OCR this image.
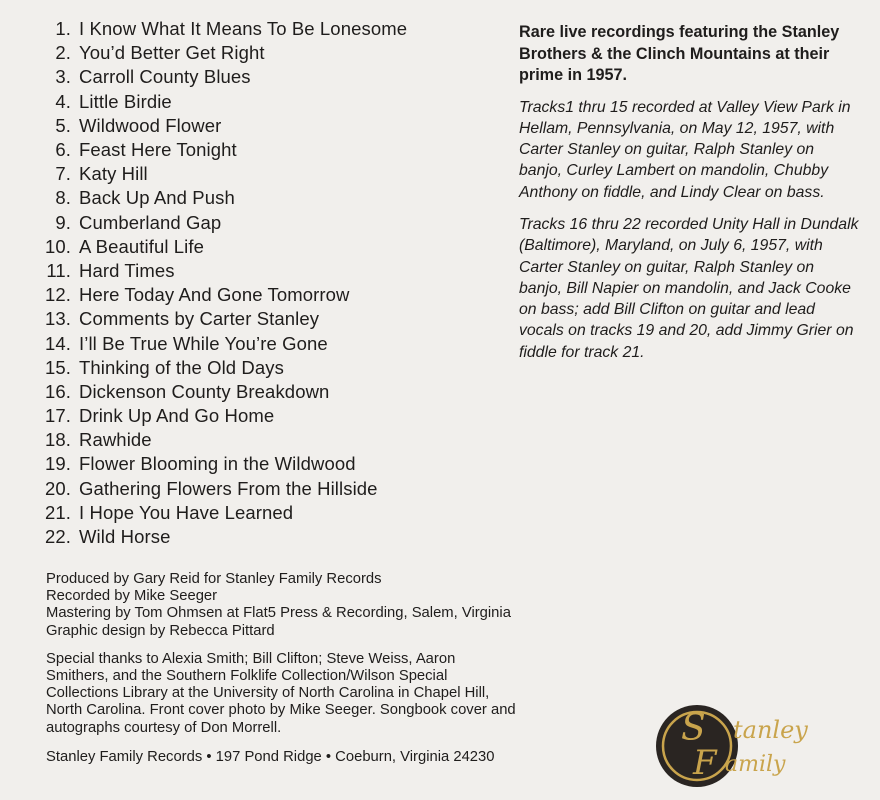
1. I Know What It Means To Be Lonesome
2. You’d Better Get Right
3. Carroll County Blues
4. Little Birdie
5. Wildwood Flower
6. Feast Here Tonight
7. Katy Hill
8. Back Up And Push
9. Cumberland Gap
10. A Beautiful Life
11. Hard Times
12. Here Today And Gone Tomorrow
13. Comments by Carter Stanley
14. I’ll Be True While You’re Gone
15. Thinking of the Old Days
16. Dickenson County Breakdown
17. Drink Up And Go Home
18. Rawhide
19. Flower Blooming in the Wildwood
20. Gathering Flowers From the Hillside
21. I Hope You Have Learned
22. Wild Horse

Rare live recordings featuring the Stanley Brothers & the Clinch Mountains at their prime in 1957.

Tracks1 thru 15 recorded at Valley View Park in Hellam, Pennsylvania, on May 12, 1957, with Carter Stanley on guitar, Ralph Stanley on banjo, Curley Lambert on mandolin, Chubby Anthony on fiddle, and Lindy Clear on bass.

Tracks 16 thru 22 recorded Unity Hall in Dundalk (Baltimore), Maryland, on July 6, 1957, with Carter Stanley on guitar, Ralph Stanley on banjo, Bill Napier on mandolin, and Jack Cooke on bass; add Bill Clifton on guitar and lead vocals on tracks 19 and 20, add Jimmy Grier on fiddle for track 21.

Produced by Gary Reid for Stanley Family Records
Recorded by Mike Seeger
Mastering by Tom Ohmsen at Flat5 Press & Recording, Salem, Virginia
Graphic design by Rebecca Pittard
Special thanks to Alexia Smith; Bill Clifton; Steve Weiss, Aaron
Smithers, and the Southern Folklife Collection/Wilson Special
Collections Library at the University of North Carolina in Chapel Hill,
North Carolina. Front cover photo by Mike Seeger. Songbook cover and
autographs courtesy of Don Morrell.
Stanley Family Records • 197 Pond Ridge • Coeburn, Virginia 24230
S
F
tanley
amily
